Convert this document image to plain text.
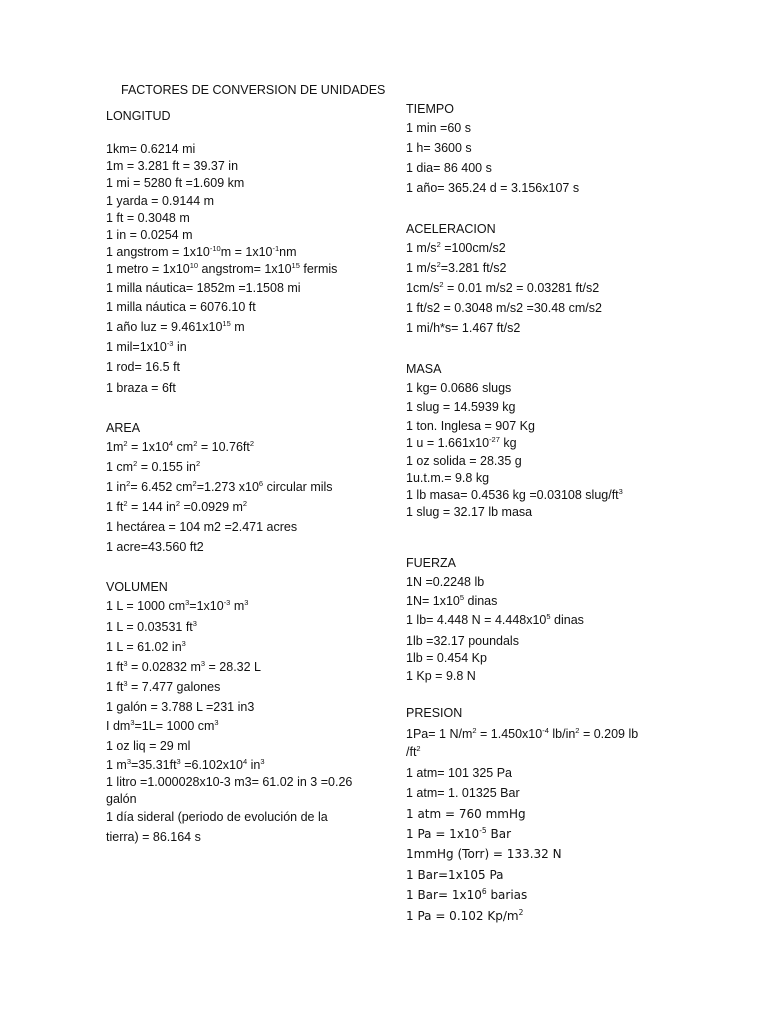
FACTORES DE CONVERSION DE UNIDADES
LONGITUD
1km= 0.6214 mi
1m = 3.281 ft = 39.37 in
1 mi = 5280 ft =1.609 km
1 yarda = 0.9144 m
1 ft = 0.3048 m
1 in = 0.0254 m
1 angstrom = $1x10^{-10}m = 1x10^{-1}nm$
1 metro = $1x10^{10}$ angstrom= $1x10^{15}$ fermis
1 milla náutica= 1852m =1.1508 mi
1 milla náutica = 6076.10 ft
1 año luz = $9.461x10^{15}$ m
1 $mil=1x10^{-3}$ in
1 rod= 16.5 ft
1 braza = 6ft
AREA
$1m^2 = 1x10^4$ $cm^2 = 10.76ft^2$
1 $cm^2 = 0.155$ $in^2$
1 $in^2= 6.452$ $cm^2=1.273$ $x10^6$ circular mils
1 $ft^2 = 144$ $in^2 =0.0929$ $m^2$
1 hectárea = 104 m2 =2.471 acres
1 acre=43.560 ft2
VOLUMEN
1 L = 1000 $cm^3=1x10^{-3}$ $m^3$
1 L = 0.03531 $ft^3$
1 L = 61.02 $in^3$
1 $ft^3 = 0.02832$ $m^3 = 28.32$ L
1 $ft^3 = 7.477$ galones
1 galón = 3.788 L =231 in3
I $dm^3=1L= 1000$ $cm^3$
1 oz liq = 29 ml
1 $m^3=35.31ft^3 =6.102x10^4$ $in^3$
1 litro =1.000028x10-3 m3= 61.02 in 3 =0.26
galón
1 día sideral (periodo de evolución de la
tierra) = 86.164 s
TIEMPO
1 min =60 s
1 h= 3600 s
1 dia= 86 400 s
1 año= 365.24 d = 3.156x107 s
ACELERACION
1 $m/s^2 =100cm/s2$
1 $m/s^2=3.281$ ft/s2
$1cm/s^2 = 0.01$ m/s2 = 0.03281 ft/s2
1 ft/s2 = 0.3048 m/s2 =30.48 cm/s2
1 mi/h*s= 1.467 ft/s2
MASA
1 kg= 0.0686 slugs
1 slug = 14.5939 kg
1 ton. Inglesa = 907 Kg
1 $u = 1.661x10^{-27}$ kg
1 oz solida = 28.35 g
1u.t.m.= 9.8 kg
1 lb masa= 0.4536 kg =0.03108 slug/$ft^3$
1 slug = 32.17 lb masa
FUERZA
1N =0.2248 lb
$1N= 1x10^5$ dinas
1 lb= 4.448 $N = 4.448x10^5$ dinas
1lb =32.17 poundals
1lb = 0.454 Kp
1 Kp = 9.8 N
PRESION
1Pa= 1 $N/m^2 = 1.450x10^{-4}$ $lb/in^2 = 0.209$ lb
$/ft^2$
1 atm= 101 325 Pa
1 atm= 1. 01325 Bar
1 atm = 760 mmHg
1 $Pa = 1x10^{-5}$ Bar
1mmHg (Torr) = 133.32 N
1 Bar=1x105 Pa
1 $Bar= 1x10^6$ barias
1 Pa = 0.102 $Kp/m^2$
